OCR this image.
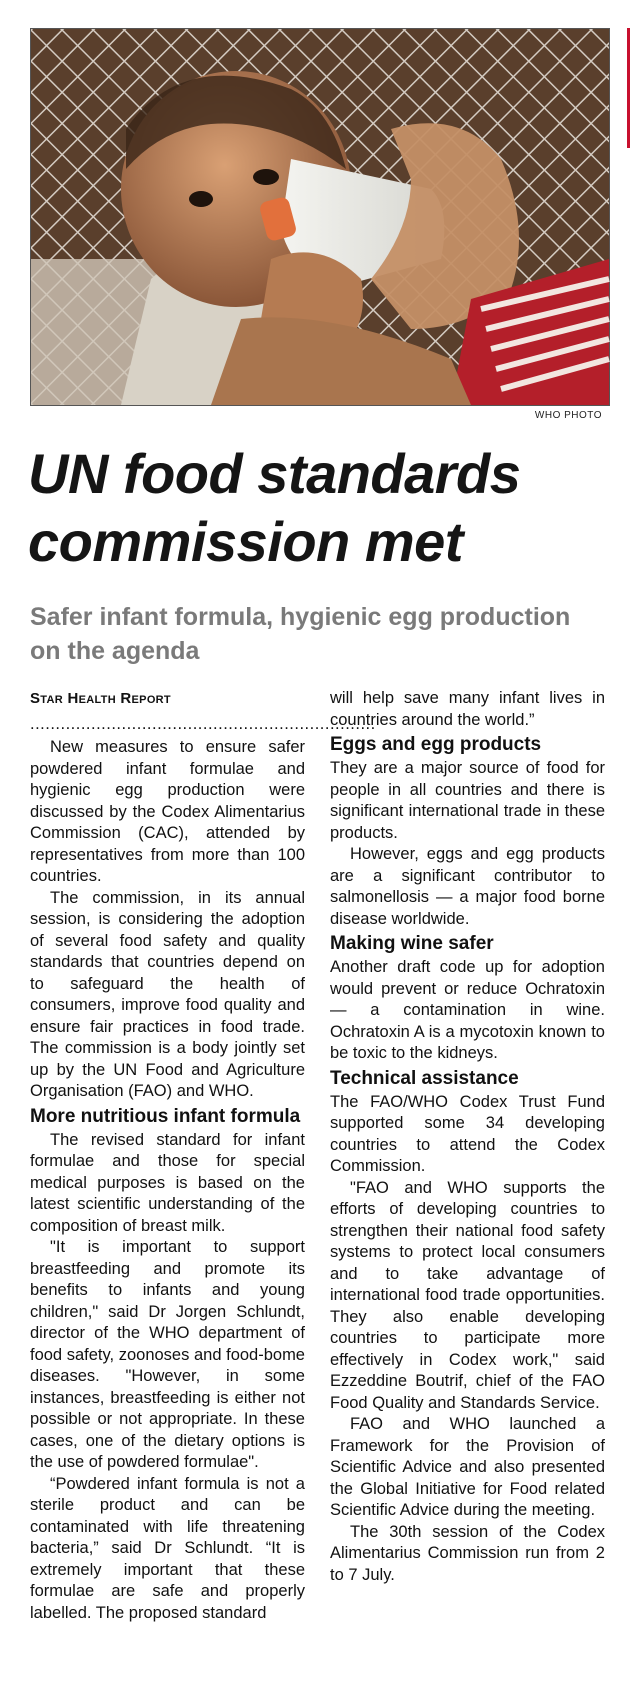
WHO PHOTO
UN food standards commission met
Safer infant formula, hygienic egg production on the agenda
Star Health Report
....................................................................

New measures to ensure safer powdered infant formulae and hygienic egg production were discussed by the Codex Alimentarius Commission (CAC), attended by representatives from more than 100 countries.

The commission, in its annual session, is considering the adoption of several food safety and quality standards that countries depend on to safeguard the health of consumers, improve food quality and ensure fair practices in food trade. The commission is a body jointly set up by the UN Food and Agriculture Organisation (FAO) and WHO.

More nutritious infant formula

The revised standard for infant formulae and those for special medical purposes is based on the latest scientific understanding of the composition of breast milk.

"It is important to support breastfeeding and promote its benefits to infants and young children," said Dr Jorgen Schlundt, director of the WHO department of food safety, zoonoses and food-bome diseases. "However, in some instances, breastfeeding is either not possible or not appropriate. In these cases, one of the dietary options is the use of powdered formulae".

“Powdered infant formula is not a sterile product and can be contaminated with life threatening bacteria,” said Dr Schlundt. “It is extremely important that these formulae are safe and properly labelled. The proposed standard

will help save many infant lives in countries around the world.”

Eggs and egg products

They are a major source of food for people in all countries and there is significant international trade in these products.

However, eggs and egg products are a significant contributor to salmonellosis — a major food borne disease worldwide.

Making wine safer

Another draft code up for adoption would prevent or reduce Ochratoxin — a contamination in wine. Ochratoxin A is a mycotoxin known to be toxic to the kidneys.

Technical assistance

The FAO/WHO Codex Trust Fund supported some 34 developing countries to attend the Codex Commission.

"FAO and WHO supports the efforts of developing countries to strengthen their national food safety systems to protect local consumers and to take advantage of international food trade opportunities. They also enable developing countries to participate more effectively in Codex work," said Ezzeddine Boutrif, chief of the FAO Food Quality and Standards Service.

FAO and WHO launched a Framework for the Provision of Scientific Advice and also presented the Global Initiative for Food related Scientific Advice during the meeting.

The 30th session of the Codex Alimentarius Commission run from 2 to 7 July.
